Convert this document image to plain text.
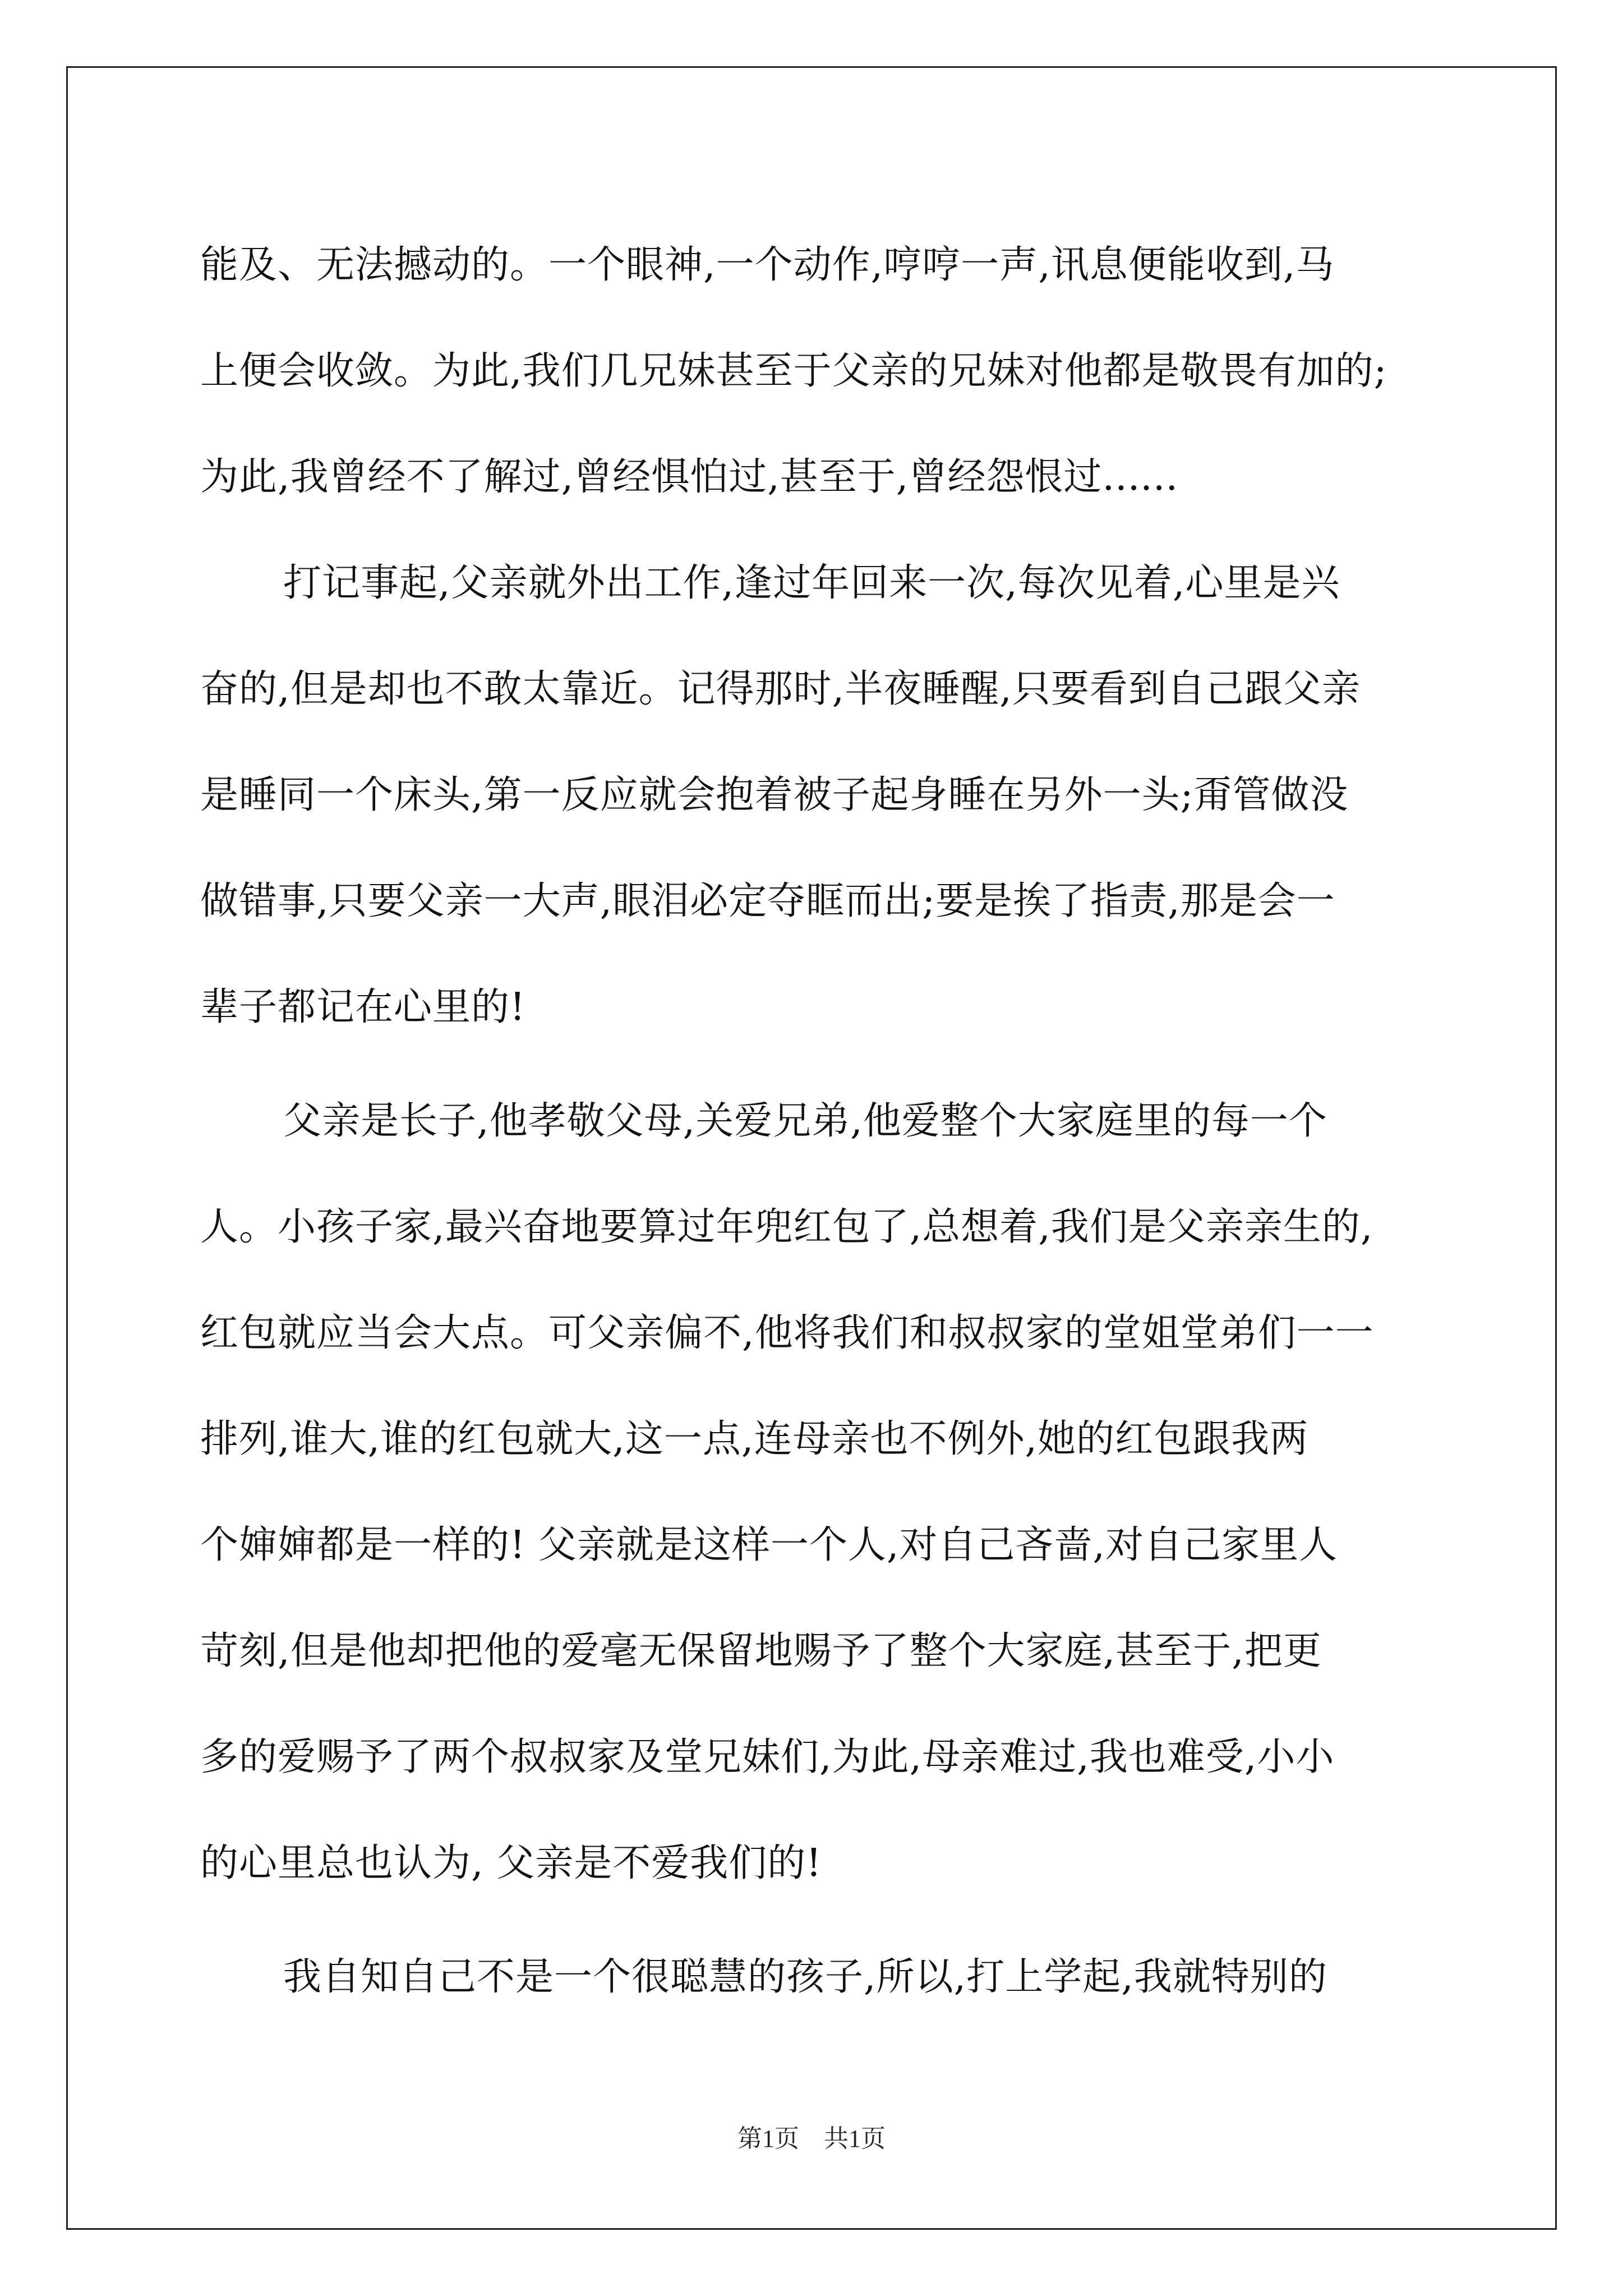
能及、无法撼动的。一个眼神,一个动作,哼哼一声,讯息便能收到,马
上便会收敛。为此,我们几兄妹甚至于父亲的兄妹对他都是敬畏有加的;
为此,我曾经不了解过,曾经惧怕过,甚至于,曾经怨恨过......
打记事起,父亲就外出工作,逢过年回来一次,每次见着,心里是兴
奋的,但是却也不敢太靠近。记得那时,半夜睡醒,只要看到自己跟父亲
是睡同一个床头,第一反应就会抱着被子起身睡在另外一头;甭管做没
做错事,只要父亲一大声,眼泪必定夺眶而出;要是挨了指责,那是会一
辈子都记在心里的!
父亲是长子,他孝敬父母,关爱兄弟,他爱整个大家庭里的每一个
人。小孩子家,最兴奋地要算过年兜红包了,总想着,我们是父亲亲生的,
红包就应当会大点。可父亲偏不,他将我们和叔叔家的堂姐堂弟们一一
排列,谁大,谁的红包就大,这一点,连母亲也不例外,她的红包跟我两
个婶婶都是一样的! 父亲就是这样一个人,对自己吝啬,对自己家里人
苛刻,但是他却把他的爱毫无保留地赐予了整个大家庭,甚至于,把更
多的爱赐予了两个叔叔家及堂兄妹们,为此,母亲难过,我也难受,小小
的心里总也认为, 父亲是不爱我们的!
我自知自己不是一个很聪慧的孩子,所以,打上学起,我就特别的
第1页　共1页
